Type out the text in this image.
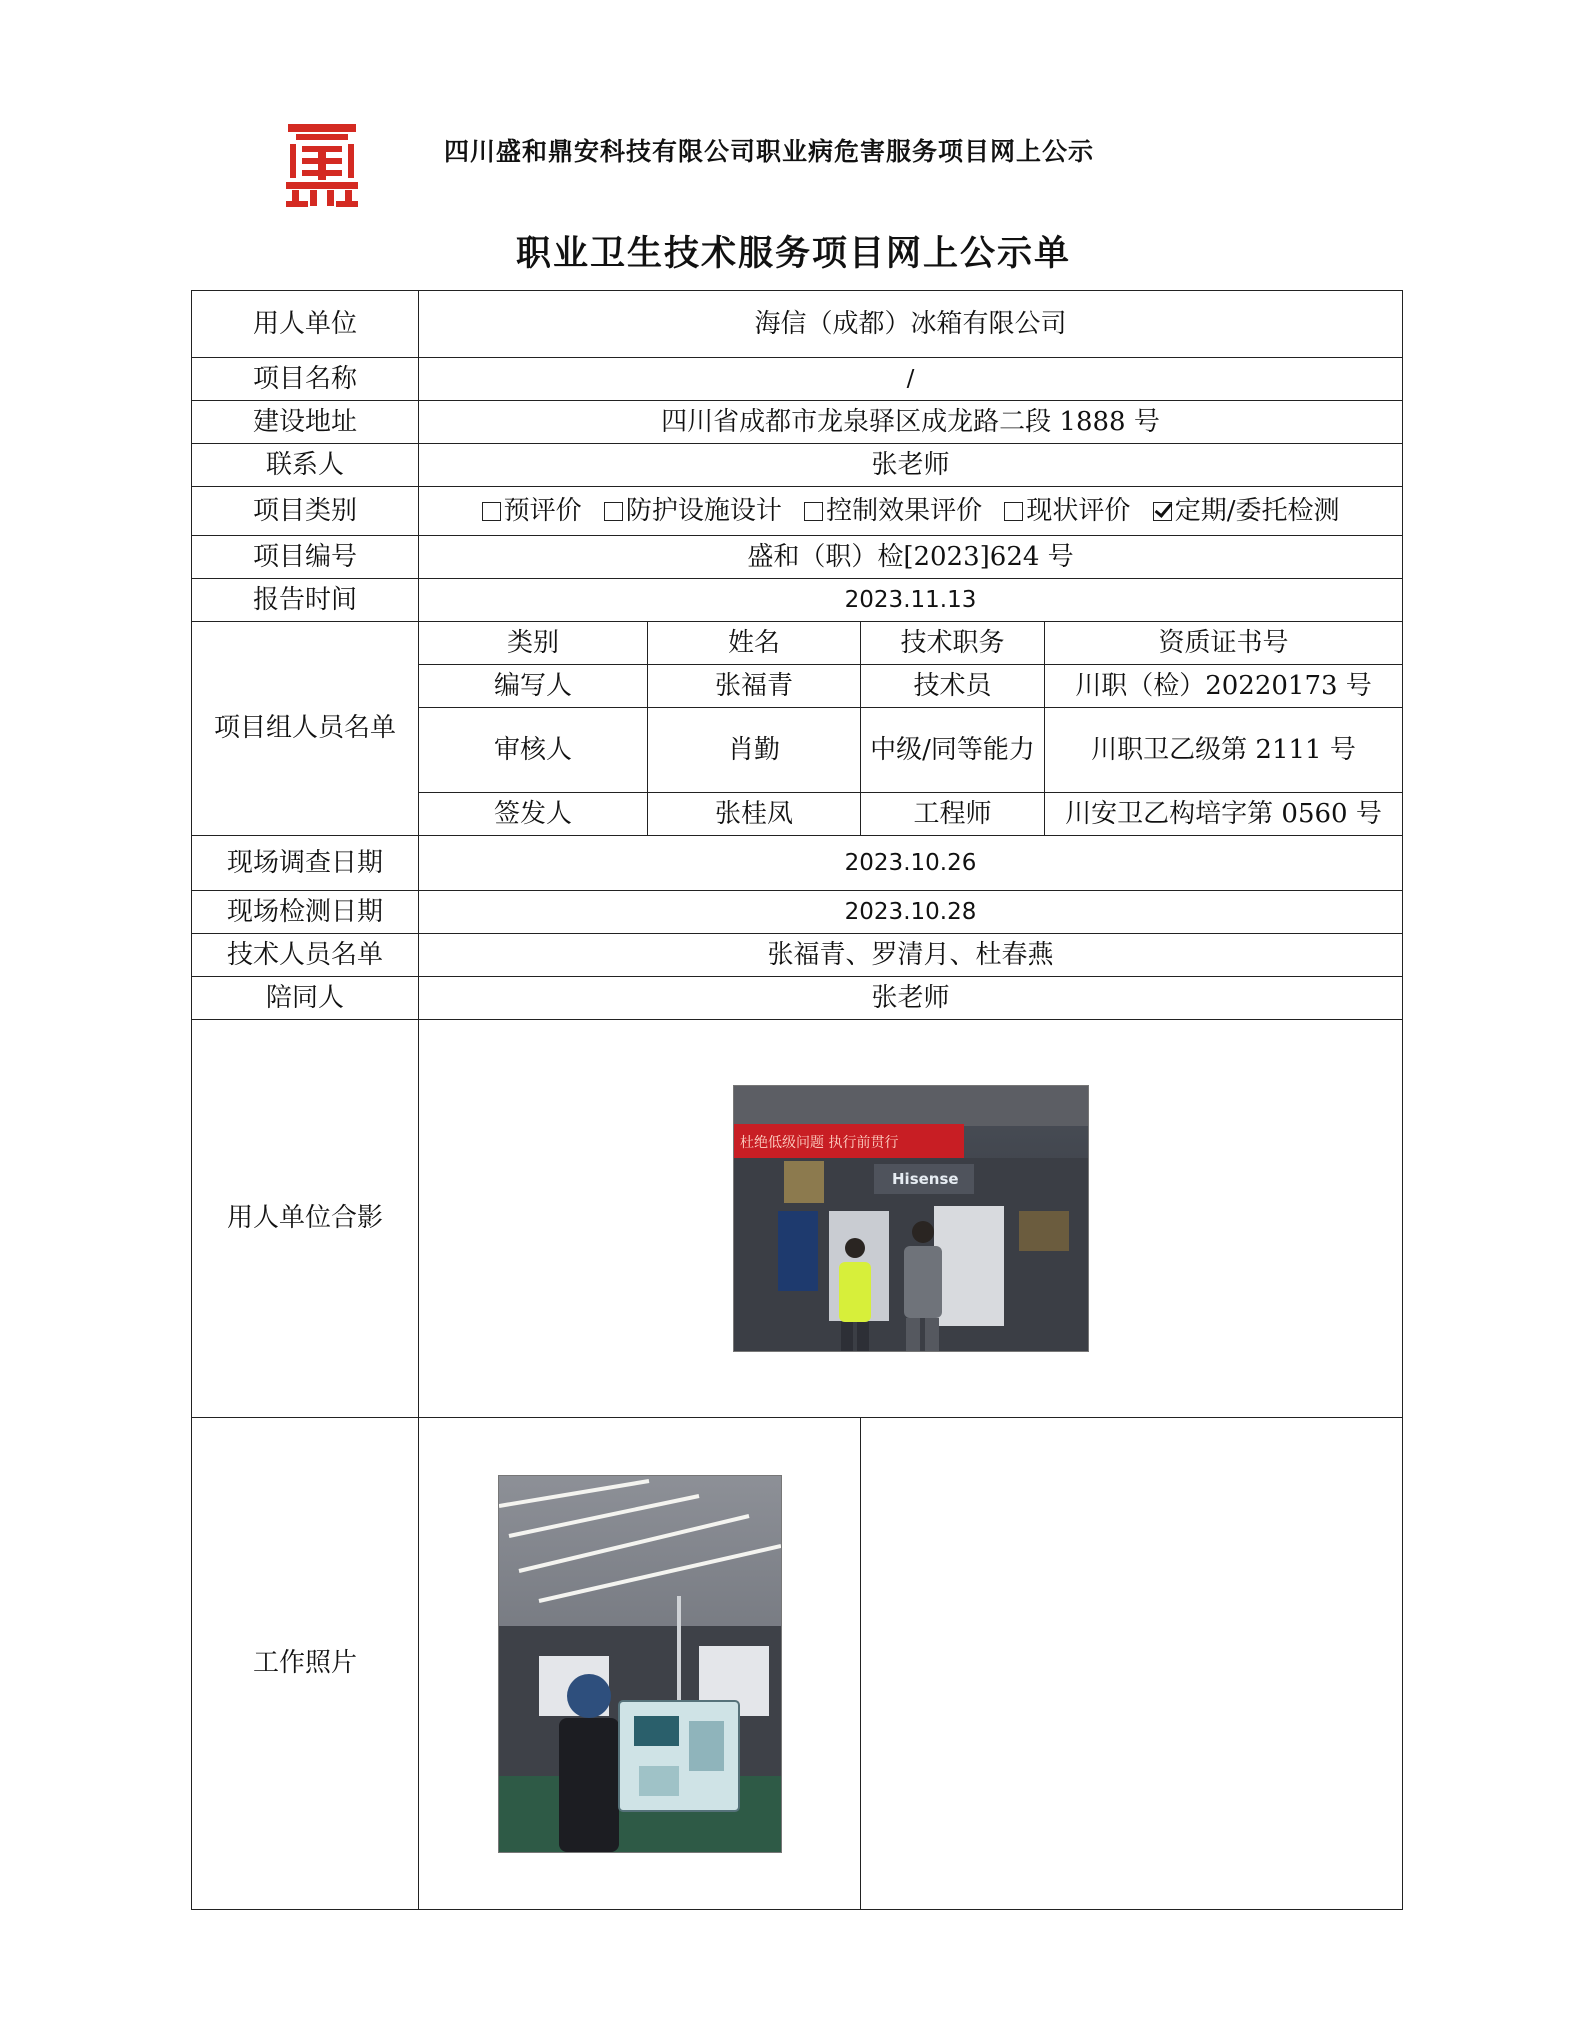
四川盛和鼎安科技有限公司职业病危害服务项目网上公示
职业卫生技术服务项目网上公示单
用人单位	海信（成都）冰箱有限公司			
项目名称	/			
建设地址	四川省成都市龙泉驿区成龙路二段 1888 号			
联系人	张老师			
项目类别	预评价 防护设施设计 控制效果评价 现状评价 定期/委托检测			
项目编号	盛和（职）检[2023]624 号			
报告时间	2023.11.13			
项目组人员名单	类别	姓名	技术职务	资质证书号
	编写人	张福青	技术员	川职（检）20220173 号
	审核人	肖勤	中级/同等能力	川职卫乙级第 2111 号
	签发人	张桂凤	工程师	川安卫乙构培字第 0560 号
现场调查日期	2023.10.26			
现场检测日期	2023.10.28			
技术人员名单	张福青、罗清月、杜春燕			
陪同人	张老师			
用人单位合影	杜绝低级问题 执行前贯行
Hisense			

工作照片	
